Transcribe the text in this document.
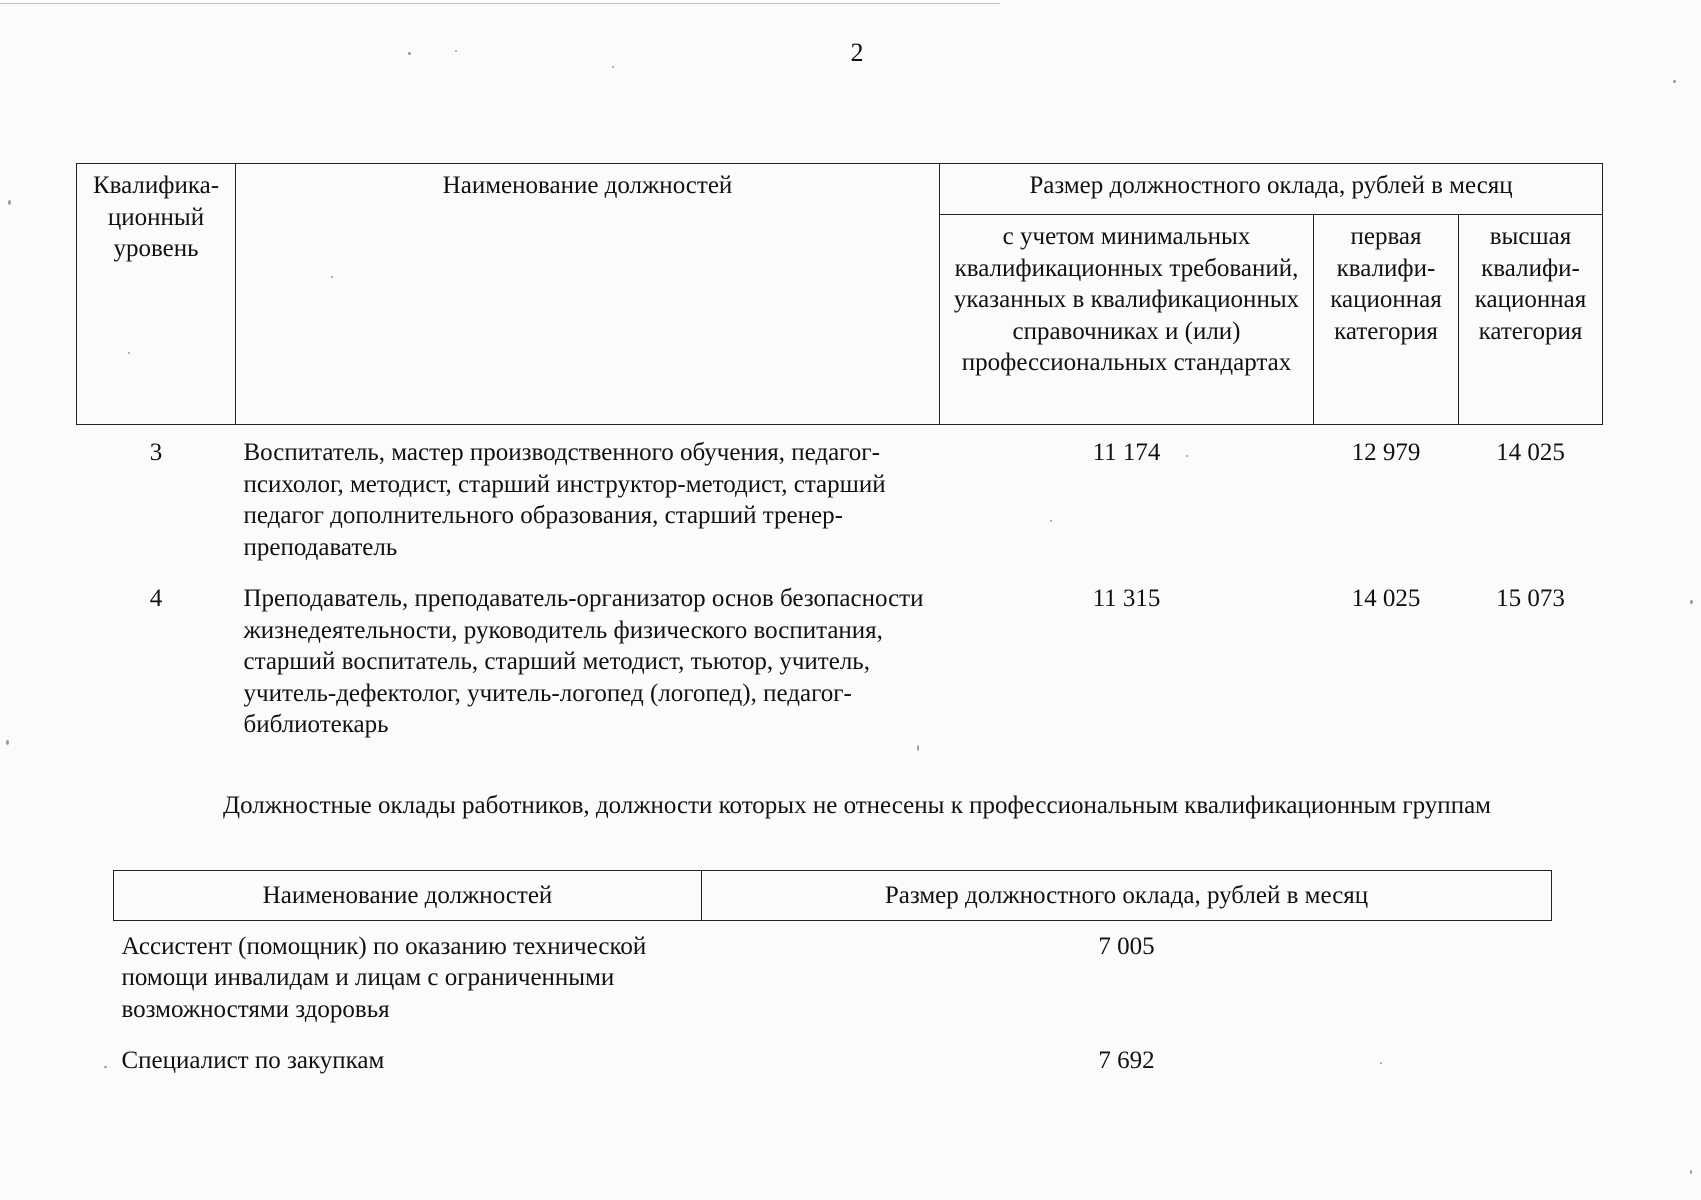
2
Квалифика-ционный уровень	Наименование должностей	Размер должностного оклада, рублей в месяц		
		с учетом минимальных квалификационных требований, указанных в квалификационных справочниках и (или) профессиональных стандартах	первая квалифи-кационная категория	высшая квалифи-кационная категория
3	Воспитатель, мастер производственного обучения, педагог-психолог, методист, старший инструктор-методист, старший педагог дополнительного образования, старший тренер-преподаватель	11 174	12 979	14 025
4	Преподаватель, преподаватель-организатор основ безопасности жизнедеятельности, руководитель физического воспитания, старший воспитатель, старший методист, тьютор, учитель, учитель-дефектолог, учитель-логопед (логопед), педагог-библиотекарь	11 315	14 025	15 073
Должностные оклады работников, должности которых не отнесены к профессиональным квалификационным группам
Наименование должностей	Размер должностного оклада, рублей в месяц
Ассистент (помощник) по оказанию технической помощи инвалидам и лицам с ограниченными возможностями здоровья	7 005
Специалист по закупкам	7 692
